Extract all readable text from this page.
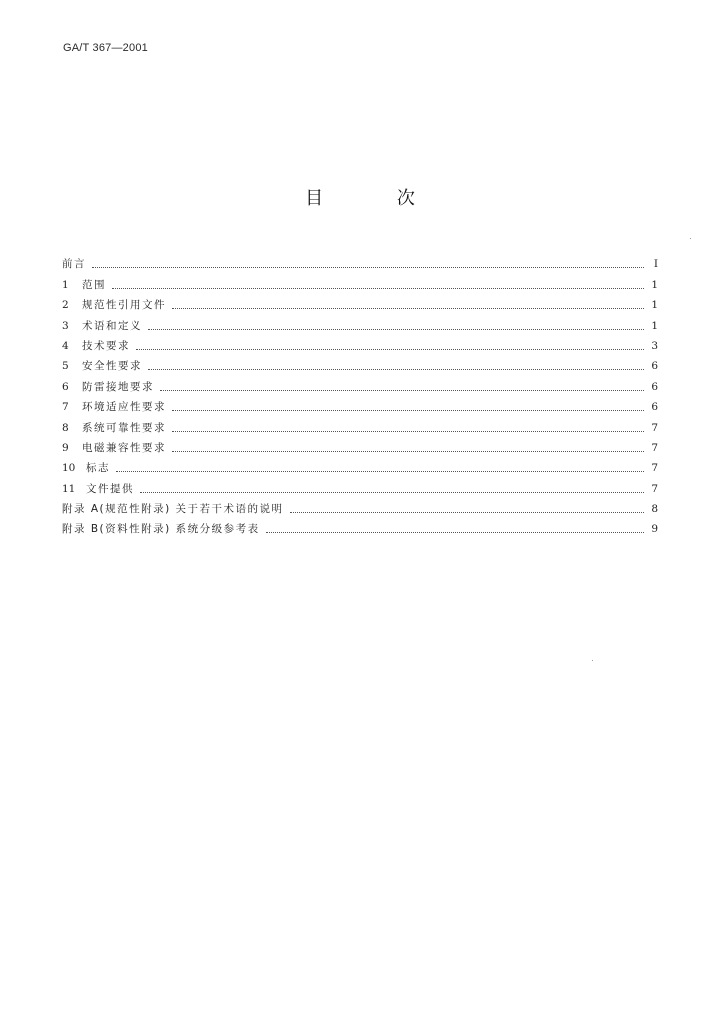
GA/T 367—2001
目 次
前言	Ⅰ
1	范围	1
2	规范性引用文件	1
3	术语和定义	1
4	技术要求	3
5	安全性要求	6
6	防雷接地要求	6
7	环境适应性要求	6
8	系统可靠性要求	7
9	电磁兼容性要求	7
10	标志	7
11	文件提供	7
附录 A(规范性附录) 关于若干术语的说明	8
附录 B(资料性附录) 系统分级参考表	9
